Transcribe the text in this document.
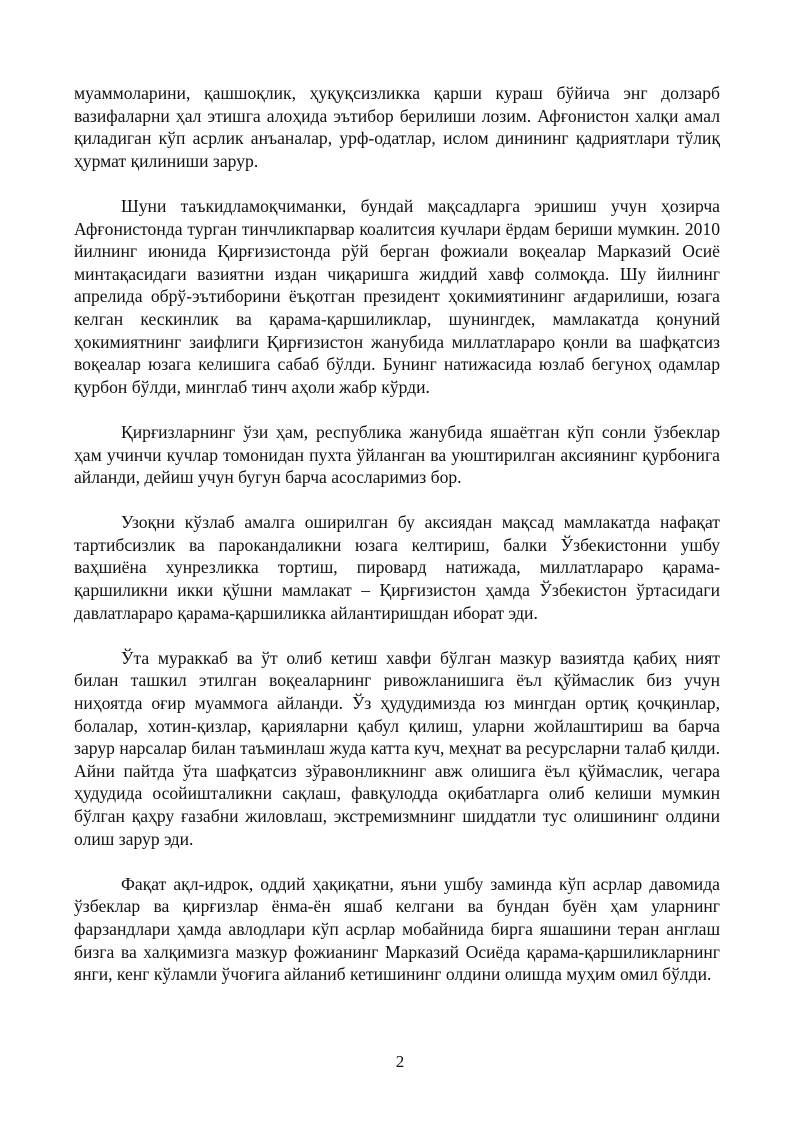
муаммоларини, қашшоқлик, ҳуқуқсизликка қарши кураш бўйича энг долзарб вазифаларни ҳал этишга алоҳида эътибор берилиши лозим. Афғонистон халқи амал қиладиган кўп асрлик анъаналар, урф-одатлар, ислом динининг қадриятлари тўлиқ ҳурмат қилиниши зарур.

Шуни таъкидламоқчиманки, бундай мақсадларга эришиш учун ҳозирча Афғонистонда турган тинчликпарвар коалитсия кучлари ёрдам бериши мумкин. 2010 йилнинг июнида Қирғизистонда рўй берган фожиали воқеалар Марказий Осиё минтақасидаги вазиятни издан чиқаришга жиддий хавф солмоқда. Шу йилнинг апрелида обрў-эътиборини ёъқотган президент ҳокимиятининг ағдарилиши, юзага келган кескинлик ва қарама-қаршиликлар, шунингдек, мамлакатда қонуний ҳокимиятнинг заифлиги Қирғизистон жанубида миллатлараро қонли ва шафқатсиз воқеалар юзага келишига сабаб бўлди. Бунинг натижасида юзлаб бегуноҳ одамлар қурбон бўлди, минглаб тинч аҳоли жабр кўрди.

Қирғизларнинг ўзи ҳам, республика жанубида яшаётган кўп сонли ўзбеклар ҳам учинчи кучлар томонидан пухта ўйланган ва уюштирилган аксиянинг қурбонига айланди, дейиш учун бугун барча асосларимиз бор.

Узоқни кўзлаб амалга оширилган бу аксиядан мақсад мамлакатда нафақат тартибсизлик ва парокандаликни юзага келтириш, балки Ўзбекистонни ушбу ваҳшиёна хунрезликка тортиш, пировард натижада, миллатлараро қарама-қаршиликни икки қўшни мамлакат – Қирғизистон ҳамда Ўзбекистон ўртасидаги давлатлараро қарама-қаршиликка айлантиришдан иборат эди.

Ўта мураккаб ва ўт олиб кетиш хавфи бўлган мазкур вазиятда қабиҳ ният билан ташкил этилган воқеаларнинг ривожланишига ёъл қўймаслик биз учун ниҳоятда оғир муаммога айланди. Ўз ҳудудимизда юз мингдан ортиқ қочқинлар, болалар, хотин-қизлар, қарияларни қабул қилиш, уларни жойлаштириш ва барча зарур нарсалар билан таъминлаш жуда катта куч, меҳнат ва ресурсларни талаб қилди. Айни пайтда ўта шафқатсиз зўравонликнинг авж олишига ёъл қўймаслик, чегара ҳудудида осойишталикни сақлаш, фавқулодда оқибатларга олиб келиши мумкин бўлган қаҳру ғазабни жиловлаш, экстремизмнинг шиддатли тус олишининг олдини олиш зарур эди.

Фақат ақл-идрок, оддий ҳақиқатни, яъни ушбу заминда кўп асрлар давомида ўзбеклар ва қирғизлар ёнма-ён яшаб келгани ва бундан буён ҳам уларнинг фарзандлари ҳамда авлодлари кўп асрлар мобайнида бирга яшашини теран англаш бизга ва халқимизга мазкур фожианинг Марказий Осиёда қарама-қаршиликларнинг янги, кенг кўламли ўчоғига айланиб кетишининг олдини олишда муҳим омил бўлди.

2
